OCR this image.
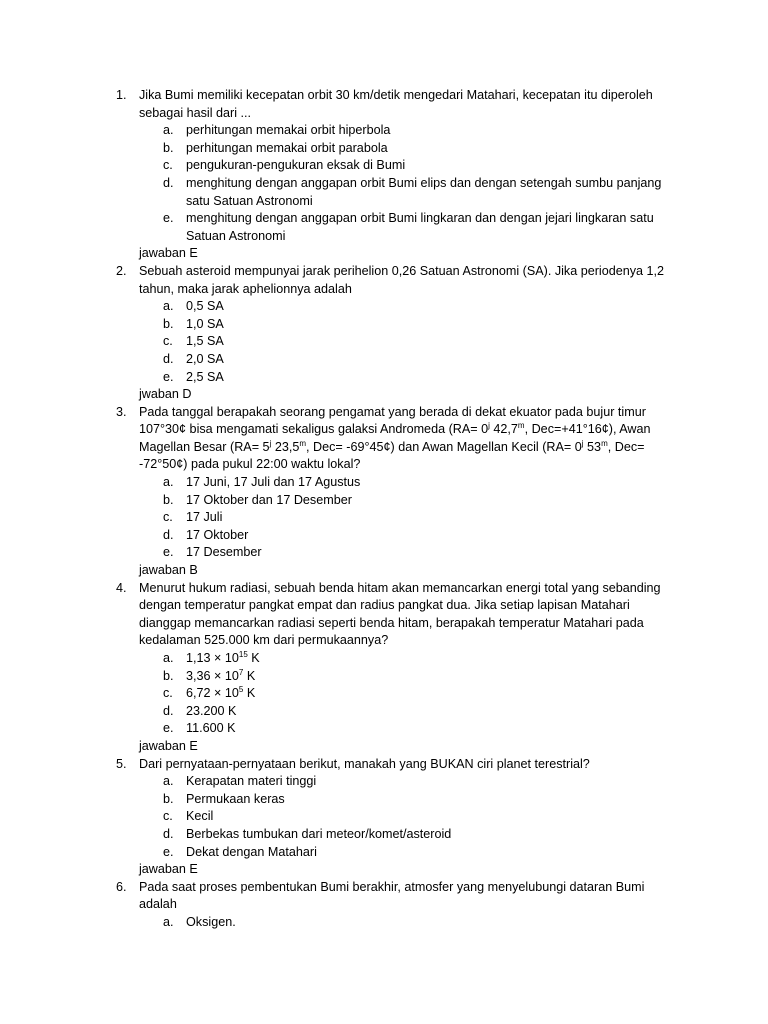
1. Jika Bumi memiliki kecepatan orbit 30 km/detik mengedari Matahari, kecepatan itu diperoleh sebagai hasil dari ...
a. perhitungan memakai orbit hiperbola
b. perhitungan memakai orbit parabola
c. pengukuran-pengukuran eksak di Bumi
d. menghitung dengan anggapan orbit Bumi elips dan dengan setengah sumbu panjang satu Satuan Astronomi
e. menghitung dengan anggapan orbit Bumi lingkaran dan dengan jejari lingkaran satu Satuan Astronomi
jawaban E
2. Sebuah asteroid mempunyai jarak perihelion 0,26 Satuan Astronomi (SA). Jika periodenya 1,2 tahun, maka jarak aphelionnya adalah
a. 0,5 SA
b. 1,0 SA
c. 1,5 SA
d. 2,0 SA
e. 2,5 SA
jwaban D
3. Pada tanggal berapakah seorang pengamat yang berada di dekat ekuator pada bujur timur 107°30¢ bisa mengamati sekaligus galaksi Andromeda ($RA= 0^j$ 42,7$^m$, Dec=+41°16¢), Awan Magellan Besar ($RA= 5^j$ 23,5$^m$, Dec= -69°45¢) dan Awan Magellan Kecil ($RA= 0^j$ 53$^m$, Dec= -72°50¢) pada pukul 22:00 waktu lokal?
a. 17 Juni, 17 Juli dan 17 Agustus
b. 17 Oktober dan 17 Desember
c. 17 Juli
d. 17 Oktober
e. 17 Desember
jawaban B
4. Menurut hukum radiasi, sebuah benda hitam akan memancarkan energi total yang sebanding dengan temperatur pangkat empat dan radius pangkat dua. Jika setiap lapisan Matahari dianggap memancarkan radiasi seperti benda hitam, berapakah temperatur Matahari pada kedalaman 525.000 km dari permukaannya?
a. $1,13 \times 10^{15}$ K
b. $3,36 \times 10^7$ K
c. $6,72 \times 10^5$ K
d. 23.200 K
e. 11.600 K
jawaban E
5. Dari pernyataan-pernyataan berikut, manakah yang BUKAN ciri planet terestrial?
a. Kerapatan materi tinggi
b. Permukaan keras
c. Kecil
d. Berbekas tumbukan dari meteor/komet/asteroid
e. Dekat dengan Matahari
jawaban E
6. Pada saat proses pembentukan Bumi berakhir, atmosfer yang menyelubungi dataran Bumi adalah
a. Oksigen.
